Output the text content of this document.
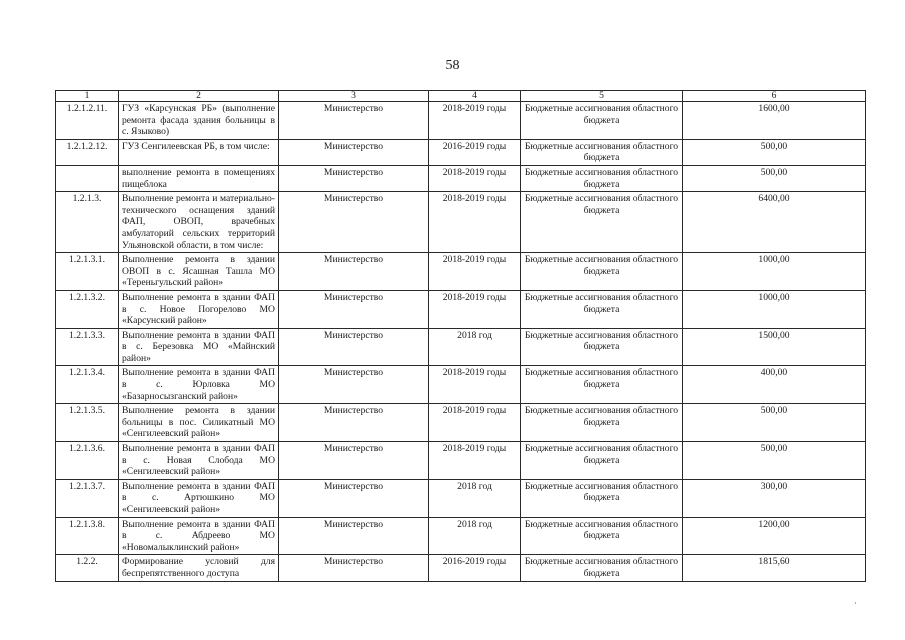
58
1	2	3	4	5	6
1.2.1.2.11.	ГУЗ «Карсунская РБ» (выполнение ремонта фасада здания больницы в с. Языково)	Министерство	2018-2019 годы	Бюджетные ассигнования областного бюджета	1600,00
1.2.1.2.12.	ГУЗ Сенгилеевская РБ, в том числе:	Министерство	2016-2019 годы	Бюджетные ассигнования областного бюджета	500,00
	выполнение ремонта в помещениях пищеблока	Министерство	2018-2019 годы	Бюджетные ассигнования областного бюджета	500,00
1.2.1.3.	Выполнение ремонта и материально-технического оснащения зданий ФАП, ОВОП, врачебных амбулаторий сельских территорий Ульяновской области, в том числе:	Министерство	2018-2019 годы	Бюджетные ассигнования областного бюджета	6400,00
1.2.1.3.1.	Выполнение ремонта в здании ОВОП в с. Ясашная Ташла МО «Тереньгульский район»	Министерство	2018-2019 годы	Бюджетные ассигнования областного бюджета	1000,00
1.2.1.3.2.	Выполнение ремонта в здании ФАП в с. Новое Погорелово МО «Карсунский район»	Министерство	2018-2019 годы	Бюджетные ассигнования областного бюджета	1000,00
1.2.1.3.3.	Выполнение ремонта в здании ФАП в с. Березовка МО «Майнский район»	Министерство	2018 год	Бюджетные ассигнования областного бюджета	1500,00
1.2.1.3.4.	Выполнение ремонта в здании ФАП в с. Юрловка МО «Базарносызганский район»	Министерство	2018-2019 годы	Бюджетные ассигнования областного бюджета	400,00
1.2.1.3.5.	Выполнение ремонта в здании больницы в пос. Силикатный МО «Сенгилеевский район»	Министерство	2018-2019 годы	Бюджетные ассигнования областного бюджета	500,00
1.2.1.3.6.	Выполнение ремонта в здании ФАП в с. Новая Слобода МО «Сенгилеевский район»	Министерство	2018-2019 годы	Бюджетные ассигнования областного бюджета	500,00
1.2.1.3.7.	Выполнение ремонта в здании ФАП в с. Артюшкино МО «Сенгилеевский район»	Министерство	2018 год	Бюджетные ассигнования областного бюджета	300,00
1.2.1.3.8.	Выполнение ремонта в здании ФАП в с. Абдреево МО «Новомалыклинский район»	Министерство	2018 год	Бюджетные ассигнования областного бюджета	1200,00
1.2.2.	Формирование условий для беспрепятственного доступа	Министерство	2016-2019 годы	Бюджетные ассигнования областного бюджета	1815,60
·
